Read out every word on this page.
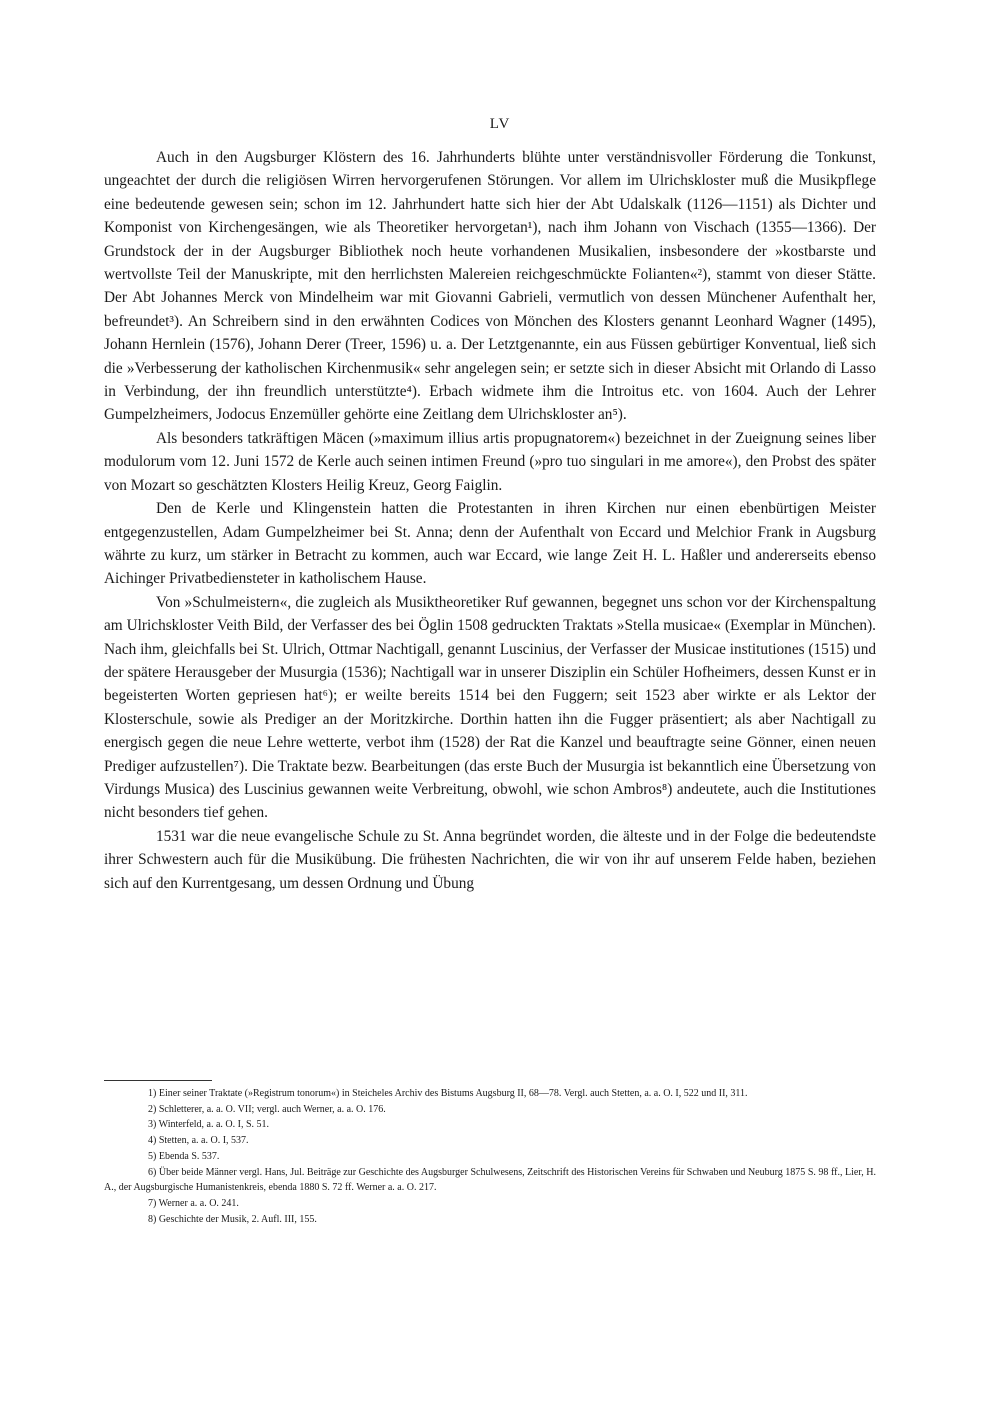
LV

Auch in den Augsburger Klöstern des 16. Jahrhunderts blühte unter verständnisvoller Förderung die Tonkunst, ungeachtet der durch die religiösen Wirren hervorgerufenen Störungen. Vor allem im Ulrichskloster muß die Musikpflege eine bedeutende gewesen sein; schon im 12. Jahrhundert hatte sich hier der Abt Udalskalk (1126—1151) als Dichter und Komponist von Kirchengesängen, wie als Theoretiker hervorgetan¹), nach ihm Johann von Vischach (1355—1366). Der Grundstock der in der Augsburger Bibliothek noch heute vorhandenen Musikalien, insbesondere der »kostbarste und wertvollste Teil der Manuskripte, mit den herrlichsten Malereien reichgeschmückte Folianten«²), stammt von dieser Stätte. Der Abt Johannes Merck von Mindelheim war mit Giovanni Gabrieli, vermutlich von dessen Münchener Aufenthalt her, befreundet³). An Schreibern sind in den erwähnten Codices von Mönchen des Klosters genannt Leonhard Wagner (1495), Johann Hernlein (1576), Johann Derer (Treer, 1596) u. a. Der Letztgenannte, ein aus Füssen gebürtiger Konventual, ließ sich die »Verbesserung der katholischen Kirchenmusik« sehr angelegen sein; er setzte sich in dieser Absicht mit Orlando di Lasso in Verbindung, der ihn freundlich unterstützte⁴). Erbach widmete ihm die Introitus etc. von 1604. Auch der Lehrer Gumpelzheimers, Jodocus Enzemüller gehörte eine Zeitlang dem Ulrichskloster an⁵).

Als besonders tatkräftigen Mäcen (»maximum illius artis propugnatorem«) bezeichnet in der Zueignung seines liber modulorum vom 12. Juni 1572 de Kerle auch seinen intimen Freund (»pro tuo singulari in me amore«), den Probst des später von Mozart so geschätzten Klosters Heilig Kreuz, Georg Faiglin.

Den de Kerle und Klingenstein hatten die Protestanten in ihren Kirchen nur einen ebenbürtigen Meister entgegenzustellen, Adam Gumpelzheimer bei St. Anna; denn der Aufenthalt von Eccard und Melchior Frank in Augsburg währte zu kurz, um stärker in Betracht zu kommen, auch war Eccard, wie lange Zeit H. L. Haßler und andererseits ebenso Aichinger Privatbediensteter in katholischem Hause.

Von »Schulmeistern«, die zugleich als Musiktheoretiker Ruf gewannen, begegnet uns schon vor der Kirchenspaltung am Ulrichskloster Veith Bild, der Verfasser des bei Öglin 1508 gedruckten Traktats »Stella musicae« (Exemplar in München). Nach ihm, gleichfalls bei St. Ulrich, Ottmar Nachtigall, genannt Luscinius, der Verfasser der Musicae institutiones (1515) und der spätere Herausgeber der Musurgia (1536); Nachtigall war in unserer Disziplin ein Schüler Hofheimers, dessen Kunst er in begeisterten Worten gepriesen hat⁶); er weilte bereits 1514 bei den Fuggern; seit 1523 aber wirkte er als Lektor der Klosterschule, sowie als Prediger an der Moritzkirche. Dorthin hatten ihn die Fugger präsentiert; als aber Nachtigall zu energisch gegen die neue Lehre wetterte, verbot ihm (1528) der Rat die Kanzel und beauftragte seine Gönner, einen neuen Prediger aufzustellen⁷). Die Traktate bezw. Bearbeitungen (das erste Buch der Musurgia ist bekanntlich eine Übersetzung von Virdungs Musica) des Luscinius gewannen weite Verbreitung, obwohl, wie schon Ambros⁸) andeutete, auch die Institutiones nicht besonders tief gehen.

1531 war die neue evangelische Schule zu St. Anna begründet worden, die älteste und in der Folge die bedeutendste ihrer Schwestern auch für die Musikübung. Die frühesten Nachrichten, die wir von ihr auf unserem Felde haben, beziehen sich auf den Kurrentgesang, um dessen Ordnung und Übung

1) Einer seiner Traktate (»Registrum tonorum«) in Steicheles Archiv des Bistums Augsburg II, 68—78. Vergl. auch Stetten, a. a. O. I, 522 und II, 311.

2) Schletterer, a. a. O. VII; vergl. auch Werner, a. a. O. 176.

3) Winterfeld, a. a. O. I, S. 51.

4) Stetten, a. a. O. I, 537.

5) Ebenda S. 537.

6) Über beide Männer vergl. Hans, Jul. Beiträge zur Geschichte des Augsburger Schulwesens, Zeitschrift des Historischen Vereins für Schwaben und Neuburg 1875 S. 98 ff., Lier, H. A., der Augsburgische Humanistenkreis, ebenda 1880 S. 72 ff. Werner a. a. O. 217.

7) Werner a. a. O. 241.

8) Geschichte der Musik, 2. Aufl. III, 155.
